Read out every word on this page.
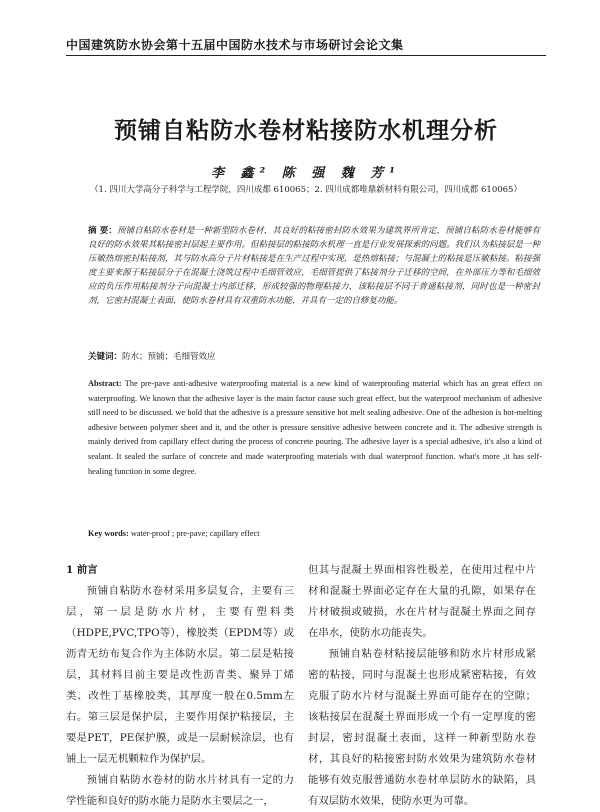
中国建筑防水协会第十五届中国防水技术与市场研讨会论文集
预铺自粘防水卷材粘接防水机理分析
李 鑫² 陈 强 魏 芳¹
（1. 四川大学高分子科学与工程学院，四川成都 610065；2. 四川成都唯鼎新材料有限公司，四川成都 610065）
摘 要：预铺自粘防水卷材是一种新型防水卷材，其良好的粘接密封防水效果为建筑界所肯定，预铺自粘防水卷材能够有良好的防水效果其粘接密封层起主要作用。但粘接层的粘接防水机理一直是行业发展探索的问题。我们认为粘接层是一种压敏热熔密封粘接剂，其与防水高分子片材粘接是在生产过程中实现，是热熔粘接；与混凝土的粘接是压敏粘接。粘接强度主要来源于粘接层分子在混凝土浇筑过程中毛细管效应，毛细管提供了粘接剂分子迁移的空间，在外部压力等和毛细效应的负压作用粘接剂分子向混凝土内部迁移，形成较强的物理粘接力，该粘接层不同于普通粘接剂，同时也是一种密封剂，它密封混凝土表面，使防水卷材具有双重防水功能，并具有一定的自修复功能。
关键词：防水；预铺；毛细管效应
Abstract: The pre-pave anti-adhesive waterproofing material is a new kind of waterproofing material which has an great effect on waterproofing. We known that the adhesive layer is the main factor cause such great effect, but the waterproof mechanism of adhesive still need to be discussed. we hold that the adhesive is a pressure sensitive hot melt sealing adhesive. One of the adhesion is hot-melting adhesive between polymer sheet and it, and the other is pressure sensitive adhesive between concrete and it. The adhesive strength is mainly derived from capillary effect during the process of concrete pouring. The adhesive layer is a special adhesive, it's also a kind of sealant. It sealed the surface of concrete and made waterproofing materials with dual waterproof function. what's more ,it has self-healing function in some degree.
Key words: water-proof ; pre-pave; capillary effect
1 前言

预铺自粘防水卷材采用多层复合，主要有三层，第一层是防水片材，主要有塑料类（HDPE,PVC,TPO等），橡胶类（EPDM等）或沥青无纺布复合作为主体防水层。第二层是粘接层，其材料目前主要是改性沥青类、聚异丁烯类、改性丁基橡胶类，其厚度一般在0.5mm左右。第三层是保护层，主要作用保护粘接层，主要是PET，PE保护膜，或是一层耐候涂层，也有铺上一层无机颗粒作为保护层。

预铺自粘防水卷材的防水片材具有一定的力学性能和良好的防水能力是防水主要层之一，

但其与混凝土界面相容性极差，在使用过程中片材和混凝土界面必定存在大量的孔隙，如果存在片材破损或破损，水在片材与混凝土界面之间存在串水，使防水功能丧失。

预铺自粘卷材粘接层能够和防水片材形成紧密的粘接，同时与混凝土也形成紧密粘接，有效克服了防水片材与混凝土界面可能存在的空隙；该粘接层在混凝土界面形成一个有一定厚度的密封层，密封混凝土表面，这样一种新型防水卷材，其良好的粘接密封防水效果为建筑防水卷材能够有效克服普通防水卷材单层防水的缺陷，具有双层防水效果，使防水更为可靠。
